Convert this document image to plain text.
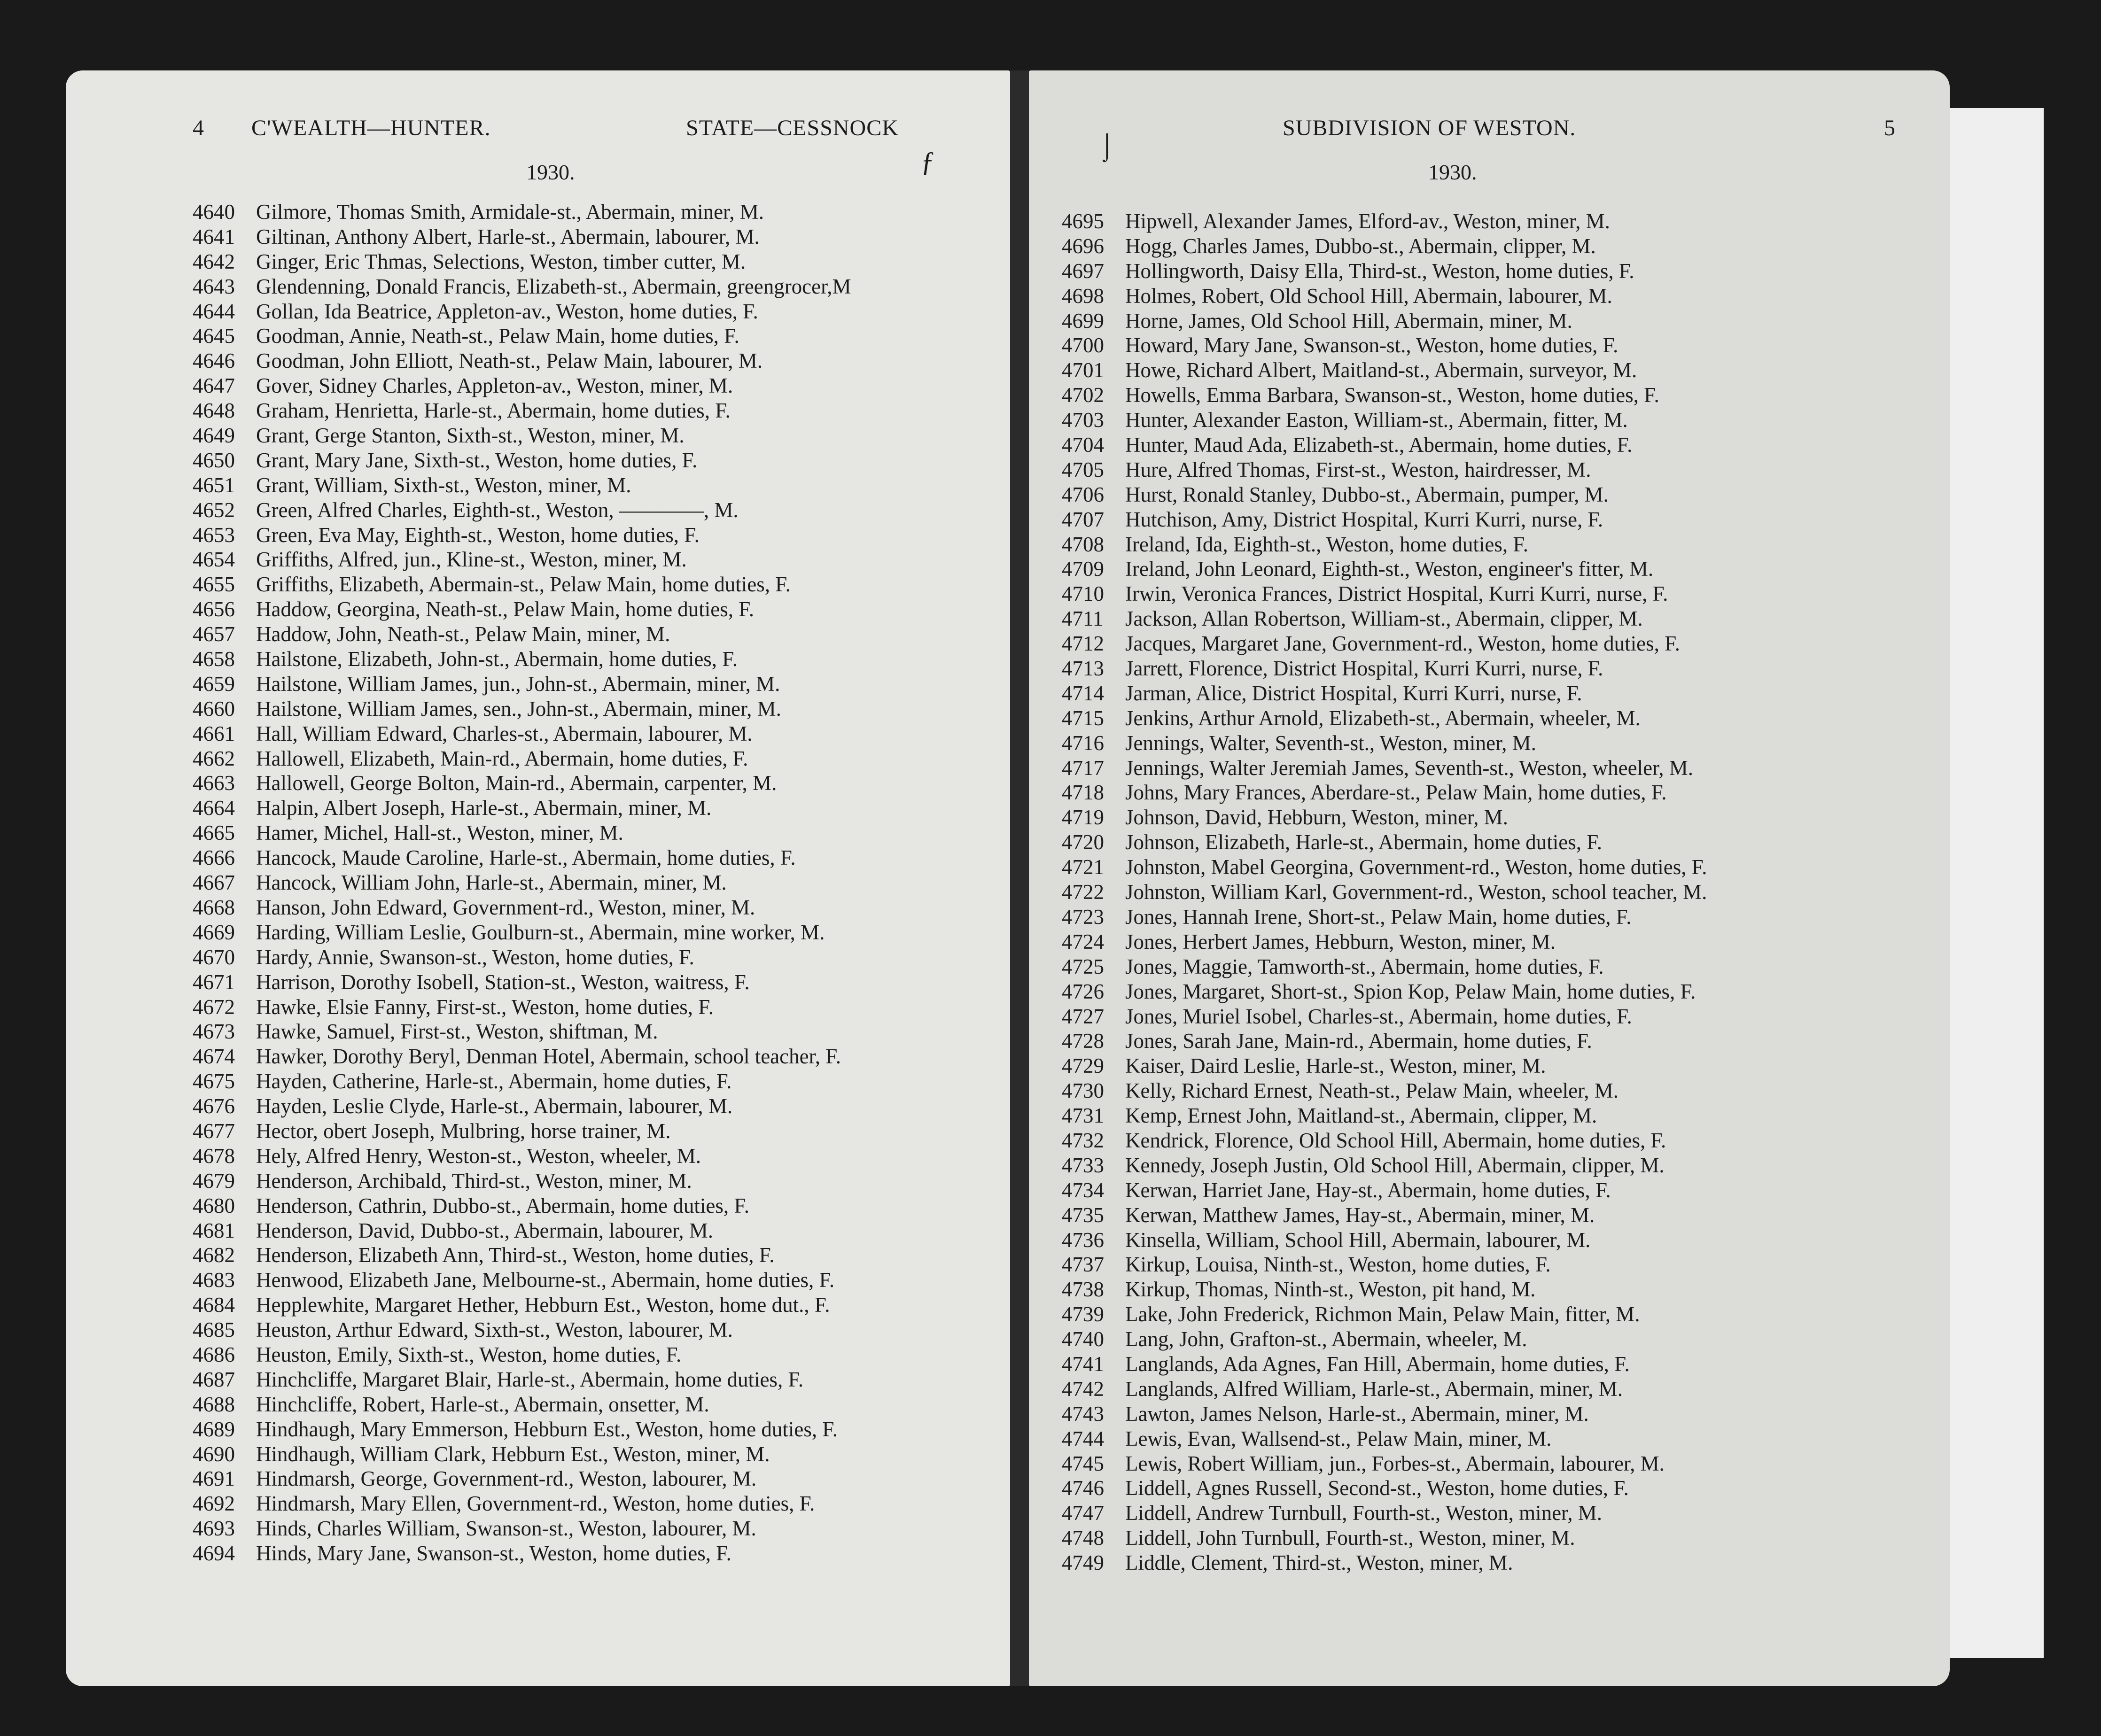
4 C'WEALTH—HUNTER.	STATE—CESSNOCK
ƒ
1930.
4640 Gilmore, Thomas Smith, Armidale-st., Abermain, miner, M.
4641 Giltinan, Anthony Albert, Harle-st., Abermain, labourer, M.
4642 Ginger, Eric Thmas, Selections, Weston, timber cutter, M.
4643 Glendenning, Donald Francis, Elizabeth-st., Abermain, greengrocer,M
4644 Gollan, Ida Beatrice, Appleton-av., Weston, home duties, F.
4645 Goodman, Annie, Neath-st., Pelaw Main, home duties, F.
4646 Goodman, John Elliott, Neath-st., Pelaw Main, labourer, M.
4647 Gover, Sidney Charles, Appleton-av., Weston, miner, M.
4648 Graham, Henrietta, Harle-st., Abermain, home duties, F.
4649 Grant, Gerge Stanton, Sixth-st., Weston, miner, M.
4650 Grant, Mary Jane, Sixth-st., Weston, home duties, F.
4651 Grant, William, Sixth-st., Weston, miner, M.
4652 Green, Alfred Charles, Eighth-st., Weston, ————, M.
4653 Green, Eva May, Eighth-st., Weston, home duties, F.
4654 Griffiths, Alfred, jun., Kline-st., Weston, miner, M.
4655 Griffiths, Elizabeth, Abermain-st., Pelaw Main, home duties, F.
4656 Haddow, Georgina, Neath-st., Pelaw Main, home duties, F.
4657 Haddow, John, Neath-st., Pelaw Main, miner, M.
4658 Hailstone, Elizabeth, John-st., Abermain, home duties, F.
4659 Hailstone, William James, jun., John-st., Abermain, miner, M.
4660 Hailstone, William James, sen., John-st., Abermain, miner, M.
4661 Hall, William Edward, Charles-st., Abermain, labourer, M.
4662 Hallowell, Elizabeth, Main-rd., Abermain, home duties, F.
4663 Hallowell, George Bolton, Main-rd., Abermain, carpenter, M.
4664 Halpin, Albert Joseph, Harle-st., Abermain, miner, M.
4665 Hamer, Michel, Hall-st., Weston, miner, M.
4666 Hancock, Maude Caroline, Harle-st., Abermain, home duties, F.
4667 Hancock, William John, Harle-st., Abermain, miner, M.
4668 Hanson, John Edward, Government-rd., Weston, miner, M.
4669 Harding, William Leslie, Goulburn-st., Abermain, mine worker, M.
4670 Hardy, Annie, Swanson-st., Weston, home duties, F.
4671 Harrison, Dorothy Isobell, Station-st., Weston, waitress, F.
4672 Hawke, Elsie Fanny, First-st., Weston, home duties, F.
4673 Hawke, Samuel, First-st., Weston, shiftman, M.
4674 Hawker, Dorothy Beryl, Denman Hotel, Abermain, school teacher, F.
4675 Hayden, Catherine, Harle-st., Abermain, home duties, F.
4676 Hayden, Leslie Clyde, Harle-st., Abermain, labourer, M.
4677 Hector, obert Joseph, Mulbring, horse trainer, M.
4678 Hely, Alfred Henry, Weston-st., Weston, wheeler, M.
4679 Henderson, Archibald, Third-st., Weston, miner, M.
4680 Henderson, Cathrin, Dubbo-st., Abermain, home duties, F.
4681 Henderson, David, Dubbo-st., Abermain, labourer, M.
4682 Henderson, Elizabeth Ann, Third-st., Weston, home duties, F.
4683 Henwood, Elizabeth Jane, Melbourne-st., Abermain, home duties, F.
4684 Hepplewhite, Margaret Hether, Hebburn Est., Weston, home dut., F.
4685 Heuston, Arthur Edward, Sixth-st., Weston, labourer, M.
4686 Heuston, Emily, Sixth-st., Weston, home duties, F.
4687 Hinchcliffe, Margaret Blair, Harle-st., Abermain, home duties, F.
4688 Hinchcliffe, Robert, Harle-st., Abermain, onsetter, M.
4689 Hindhaugh, Mary Emmerson, Hebburn Est., Weston, home duties, F.
4690 Hindhaugh, William Clark, Hebburn Est., Weston, miner, M.
4691 Hindmarsh, George, Government-rd., Weston, labourer, M.
4692 Hindmarsh, Mary Ellen, Government-rd., Weston, home duties, F.
4693 Hinds, Charles William, Swanson-st., Weston, labourer, M.
4694 Hinds, Mary Jane, Swanson-st., Weston, home duties, F.
⌡
SUBDIVISION OF WESTON.	5
1930.
4695 Hipwell, Alexander James, Elford-av., Weston, miner, M.
4696 Hogg, Charles James, Dubbo-st., Abermain, clipper, M.
4697 Hollingworth, Daisy Ella, Third-st., Weston, home duties, F.
4698 Holmes, Robert, Old School Hill, Abermain, labourer, M.
4699 Horne, James, Old School Hill, Abermain, miner, M.
4700 Howard, Mary Jane, Swanson-st., Weston, home duties, F.
4701 Howe, Richard Albert, Maitland-st., Abermain, surveyor, M.
4702 Howells, Emma Barbara, Swanson-st., Weston, home duties, F.
4703 Hunter, Alexander Easton, William-st., Abermain, fitter, M.
4704 Hunter, Maud Ada, Elizabeth-st., Abermain, home duties, F.
4705 Hure, Alfred Thomas, First-st., Weston, hairdresser, M.
4706 Hurst, Ronald Stanley, Dubbo-st., Abermain, pumper, M.
4707 Hutchison, Amy, District Hospital, Kurri Kurri, nurse, F.
4708 Ireland, Ida, Eighth-st., Weston, home duties, F.
4709 Ireland, John Leonard, Eighth-st., Weston, engineer's fitter, M.
4710 Irwin, Veronica Frances, District Hospital, Kurri Kurri, nurse, F.
4711 Jackson, Allan Robertson, William-st., Abermain, clipper, M.
4712 Jacques, Margaret Jane, Government-rd., Weston, home duties, F.
4713 Jarrett, Florence, District Hospital, Kurri Kurri, nurse, F.
4714 Jarman, Alice, District Hospital, Kurri Kurri, nurse, F.
4715 Jenkins, Arthur Arnold, Elizabeth-st., Abermain, wheeler, M.
4716 Jennings, Walter, Seventh-st., Weston, miner, M.
4717 Jennings, Walter Jeremiah James, Seventh-st., Weston, wheeler, M.
4718 Johns, Mary Frances, Aberdare-st., Pelaw Main, home duties, F.
4719 Johnson, David, Hebburn, Weston, miner, M.
4720 Johnson, Elizabeth, Harle-st., Abermain, home duties, F.
4721 Johnston, Mabel Georgina, Government-rd., Weston, home duties, F.
4722 Johnston, William Karl, Government-rd., Weston, school teacher, M.
4723 Jones, Hannah Irene, Short-st., Pelaw Main, home duties, F.
4724 Jones, Herbert James, Hebburn, Weston, miner, M.
4725 Jones, Maggie, Tamworth-st., Abermain, home duties, F.
4726 Jones, Margaret, Short-st., Spion Kop, Pelaw Main, home duties, F.
4727 Jones, Muriel Isobel, Charles-st., Abermain, home duties, F.
4728 Jones, Sarah Jane, Main-rd., Abermain, home duties, F.
4729 Kaiser, Daird Leslie, Harle-st., Weston, miner, M.
4730 Kelly, Richard Ernest, Neath-st., Pelaw Main, wheeler, M.
4731 Kemp, Ernest John, Maitland-st., Abermain, clipper, M.
4732 Kendrick, Florence, Old School Hill, Abermain, home duties, F.
4733 Kennedy, Joseph Justin, Old School Hill, Abermain, clipper, M.
4734 Kerwan, Harriet Jane, Hay-st., Abermain, home duties, F.
4735 Kerwan, Matthew James, Hay-st., Abermain, miner, M.
4736 Kinsella, William, School Hill, Abermain, labourer, M.
4737 Kirkup, Louisa, Ninth-st., Weston, home duties, F.
4738 Kirkup, Thomas, Ninth-st., Weston, pit hand, M.
4739 Lake, John Frederick, Richmon Main, Pelaw Main, fitter, M.
4740 Lang, John, Grafton-st., Abermain, wheeler, M.
4741 Langlands, Ada Agnes, Fan Hill, Abermain, home duties, F.
4742 Langlands, Alfred William, Harle-st., Abermain, miner, M.
4743 Lawton, James Nelson, Harle-st., Abermain, miner, M.
4744 Lewis, Evan, Wallsend-st., Pelaw Main, miner, M.
4745 Lewis, Robert William, jun., Forbes-st., Abermain, labourer, M.
4746 Liddell, Agnes Russell, Second-st., Weston, home duties, F.
4747 Liddell, Andrew Turnbull, Fourth-st., Weston, miner, M.
4748 Liddell, John Turnbull, Fourth-st., Weston, miner, M.
4749 Liddle, Clement, Third-st., Weston, miner, M.
